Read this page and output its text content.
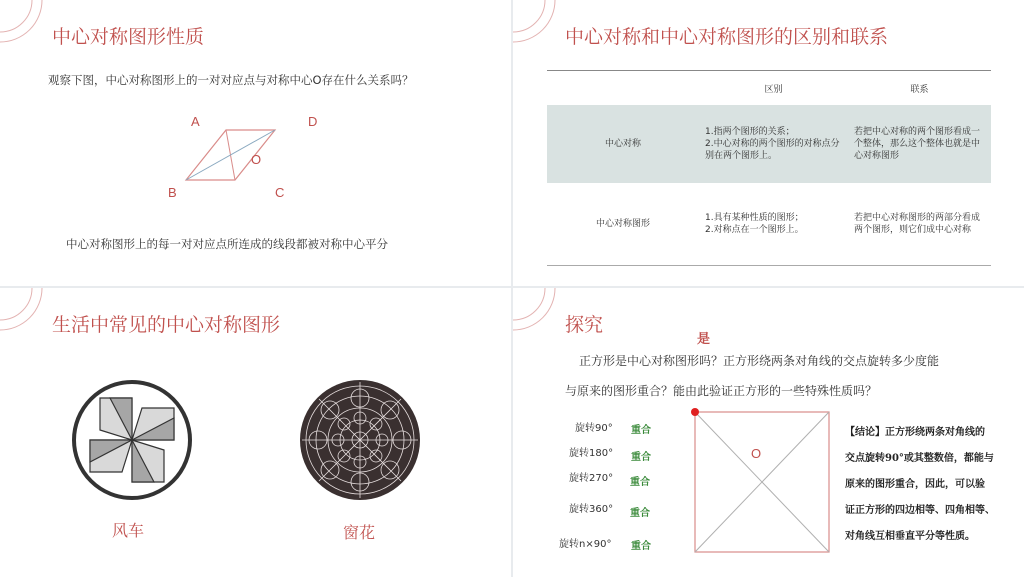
中心对称图形性质
观察下图，中心对称图形上的一对对应点与对称中心O存在什么关系吗？
A	D
O
B	C
中心对称图形上的每一对对应点所连成的线段都被对称中心平分
中心对称和中心对称图形的区别和联系
	区别	联系
中心对称	1.指两个图形的关系；
2.中心对称的两个图形的对称点分别在两个图形上。	若把中心对称的两个图形看成一个整体，那么这个整体也就是中心对称图形
中心对称图形	1.具有某种性质的图形；
2.对称点在一个图形上。	若把中心对称图形的两部分看成两个图形，则它们成中心对称
生活中常见的中心对称图形
风车	窗花
探究
是
正方形是中心对称图形吗？正方形绕两条对角线的交点旋转多少度能
与原来的图形重合？能由此验证正方形的一些特殊性质吗？
旋转90° 重合
旋转180° 重合
旋转270° 重合
旋转360° 重合
旋转n×90° 重合
O
【结论】正方形绕两条对角线的
交点旋转90°或其整数倍，都能与
原来的图形重合，因此，可以验
证正方形的四边相等、四角相等、
对角线互相垂直平分等性质。
